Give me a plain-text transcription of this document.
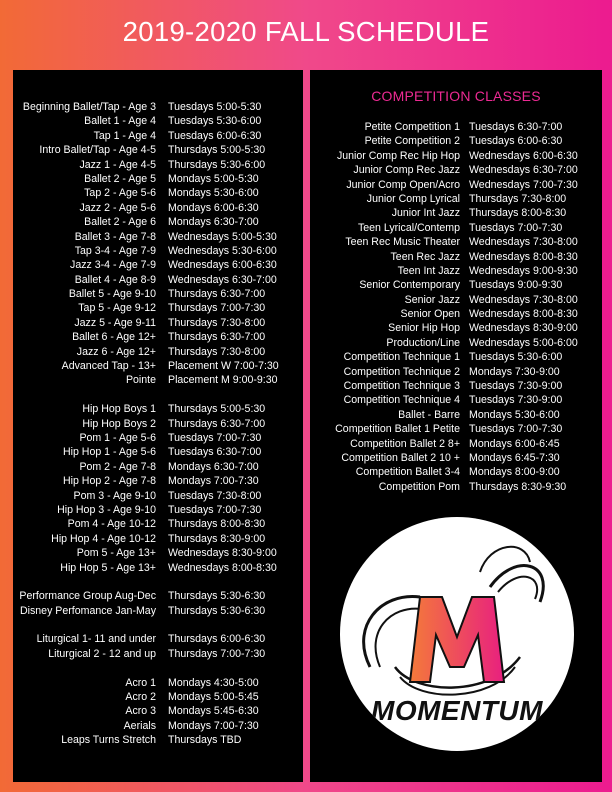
2019-2020 FALL SCHEDULE
Beginning Ballet/Tap - Age 3	Tuesdays 5:00-5:30
Ballet 1 - Age 4	Tuesdays 5:30-6:00
Tap 1 - Age 4	Tuesdays 6:00-6:30
Intro Ballet/Tap - Age 4-5	Thursdays 5:00-5:30
Jazz 1 - Age 4-5	Thursdays 5:30-6:00
Ballet 2 - Age 5	Mondays 5:00-5:30
Tap 2 - Age 5-6	Mondays 5:30-6:00
Jazz 2 - Age 5-6	Mondays 6:00-6:30
Ballet 2 - Age 6	Mondays 6:30-7:00
Ballet 3 - Age 7-8	Wednesdays 5:00-5:30
Tap 3-4 - Age 7-9	Wednesdays 5:30-6:00
Jazz 3-4 - Age 7-9	Wednesdays 6:00-6:30
Ballet 4 - Age 8-9	Wednesdays 6:30-7:00
Ballet 5 - Age 9-10	Thursdays 6:30-7:00
Tap 5 - Age 9-12	Thursdays 7:00-7:30
Jazz 5 - Age 9-11	Thursdays 7:30-8:00
Ballet 6 - Age 12+	Thursdays 6:30-7:00
Jazz 6 - Age 12+	Thursdays 7:30-8:00
Advanced Tap - 13+	Placement W 7:00-7:30
Pointe	Placement M 9:00-9:30
Hip Hop Boys 1	Thursdays 5:00-5:30
Hip Hop Boys 2	Thursdays 6:30-7:00
Pom 1 - Age 5-6	Tuesdays 7:00-7:30
Hip Hop 1 - Age 5-6	Tuesdays 6:30-7:00
Pom 2 - Age 7-8	Mondays 6:30-7:00
Hip Hop 2 - Age 7-8	Mondays 7:00-7:30
Pom 3 - Age 9-10	Tuesdays 7:30-8:00
Hip Hop 3 - Age 9-10	Tuesdays 7:00-7:30
Pom 4 - Age 10-12	Thursdays 8:00-8:30
Hip Hop 4 - Age 10-12	Thursdays 8:30-9:00
Pom 5 - Age 13+	Wednesdays 8:30-9:00
Hip Hop 5 - Age 13+	Wednesdays 8:00-8:30
Performance Group Aug-Dec	Thursdays 5:30-6:30
Disney Perfomance Jan-May	Thursdays 5:30-6:30
Liturgical 1- 11 and under	Thursdays 6:00-6:30
Liturgical 2 - 12 and up	Thursdays 7:00-7:30
Acro 1	Mondays 4:30-5:00
Acro 2	Mondays 5:00-5:45
Acro 3	Mondays 5:45-6:30
Aerials	Mondays 7:00-7:30
Leaps Turns Stretch	Thursdays TBD
COMPETITION CLASSES
Petite Competition 1 Tuesdays 6:30-7:00
Petite Competition 2 Tuesdays 6:00-6:30
Junior Comp Rec Hip Hop Wednesdays 6:00-6:30
Junior Comp Rec Jazz Wednesdays 6:30-7:00
Junior Comp Open/Acro Wednesdays 7:00-7:30
Junior Comp Lyrical Thursdays 7:30-8:00
Junior Int Jazz Thursdays 8:00-8:30
Teen Lyrical/Contemp Tuesdays 7:00-7:30
Teen Rec Music Theater Wednesdays 7:30-8:00
Teen Rec Jazz Wednesdays 8:00-8:30
Teen Int Jazz Wednesdays 9:00-9:30
Senior Contemporary Tuesdays 9:00-9:30
Senior Jazz Wednesdays 7:30-8:00
Senior Open Wednesdays 8:00-8:30
Senior Hip Hop Wednesdays 8:30-9:00
Production/Line Wednesdays 5:00-6:00
Competition Technique 1 Tuesdays 5:30-6:00
Competition Technique 2 Mondays 7:30-9:00
Competition Technique 3 Tuesdays 7:30-9:00
Competition Technique 4 Tuesdays 7:30-9:00
Ballet - Barre Mondays 5:30-6:00
Competition Ballet 1 Petite Tuesdays 7:00-7:30
Competition Ballet 2 8+ Mondays 6:00-6:45
Competition Ballet 2 10 + Mondays 6:45-7:30
Competition Ballet 3-4 Mondays 8:00-9:00
Competition Pom Thursdays 8:30-9:30
MOMENTUM
